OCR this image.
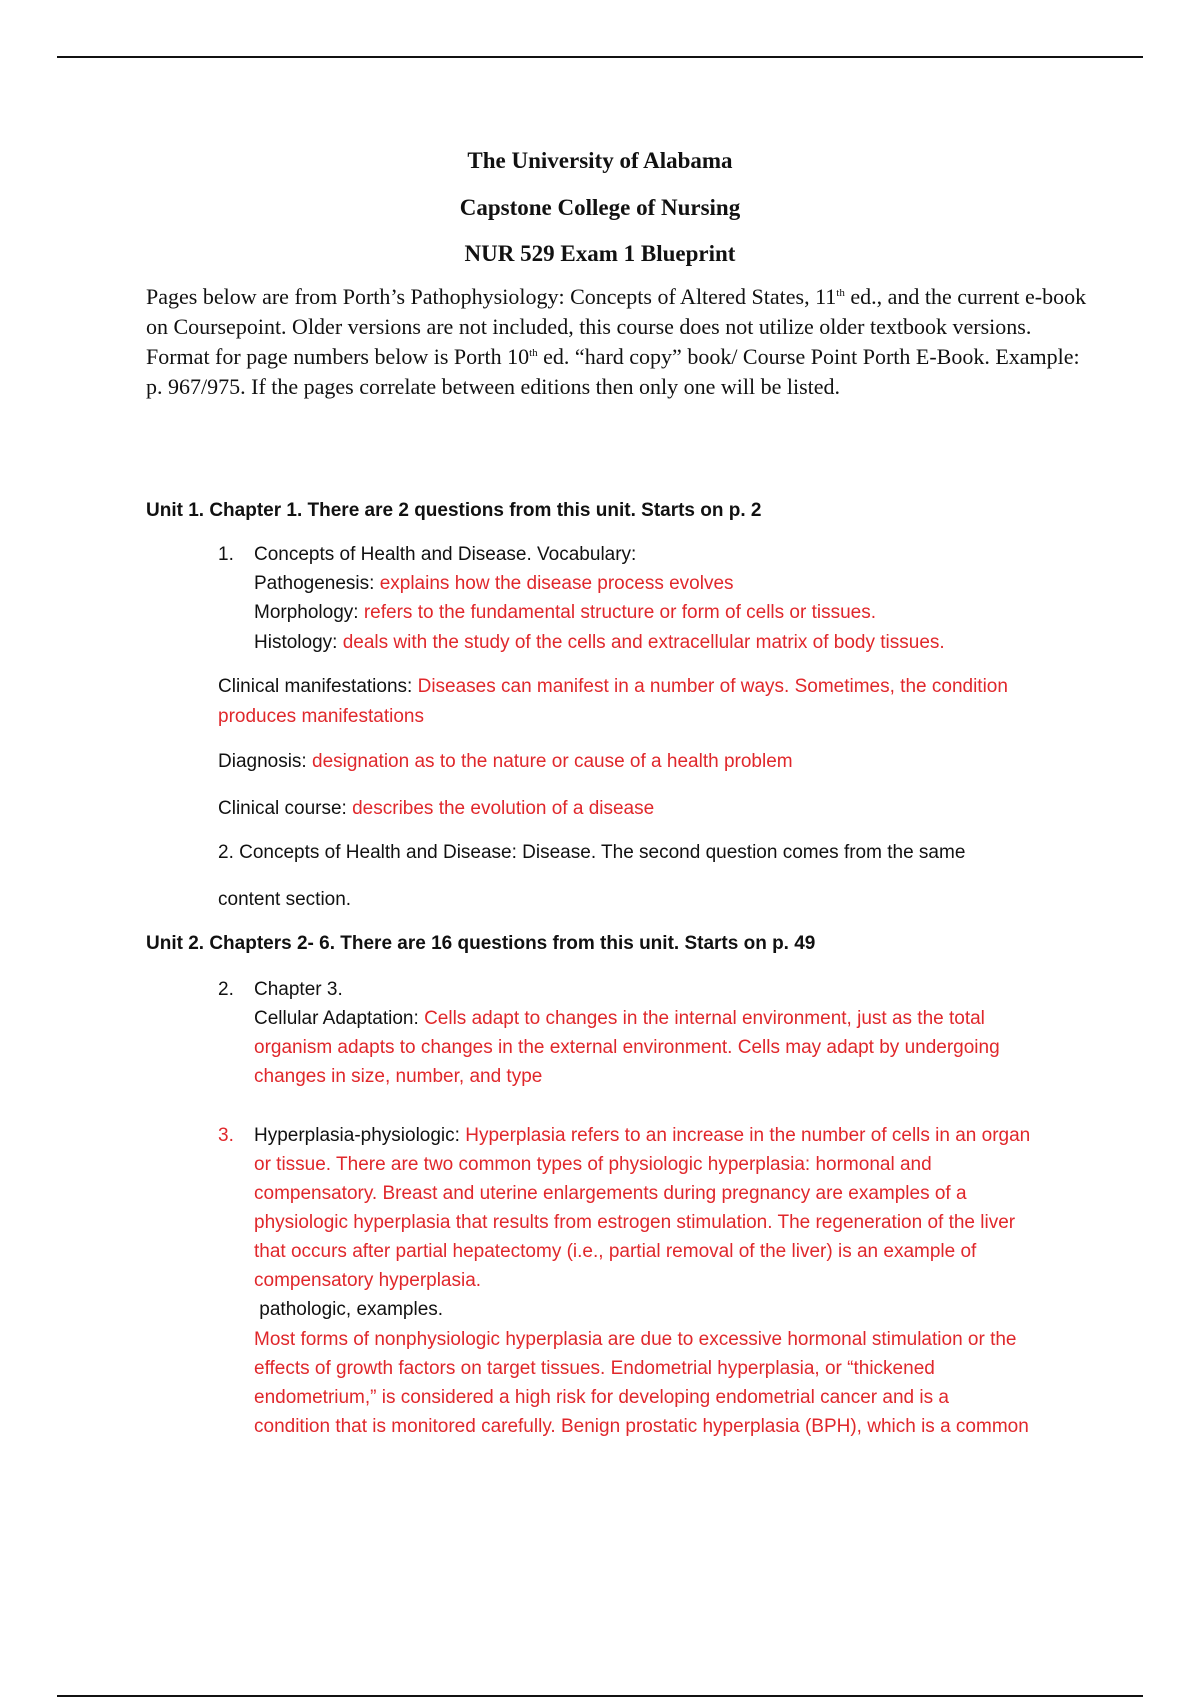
The University of Alabama
Capstone College of Nursing
NUR 529 Exam 1 Blueprint
Pages below are from Porth’s Pathophysiology: Concepts of Altered States, 11th ed., and the current e-book on Coursepoint. Older versions are not included, this course does not utilize older textbook versions. Format for page numbers below is Porth 10th ed. “hard copy” book/ Course Point Porth E-Book. Example: p. 967/975. If the pages correlate between editions then only one will be listed.
Unit 1. Chapter 1. There are 2 questions from this unit. Starts on p. 2
1. Concepts of Health and Disease. Vocabulary:
Pathogenesis: explains how the disease process evolves
Morphology: refers to the fundamental structure or form of cells or tissues.
Histology: deals with the study of the cells and extracellular matrix of body tissues.
Clinical manifestations: Diseases can manifest in a number of ways. Sometimes, the condition
produces manifestations
Diagnosis: designation as to the nature or cause of a health problem
Clinical course: describes the evolution of a disease
2. Concepts of Health and Disease: Disease. The second question comes from the same
content section.
Unit 2. Chapters 2- 6. There are 16 questions from this unit. Starts on p. 49
2. Chapter 3.
Cellular Adaptation: Cells adapt to changes in the internal environment, just as the total
organism adapts to changes in the external environment. Cells may adapt by undergoing
changes in size, number, and type
3. Hyperplasia-physiologic: Hyperplasia refers to an increase in the number of cells in an organ
or tissue. There are two common types of physiologic hyperplasia: hormonal and
compensatory. Breast and uterine enlargements during pregnancy are examples of a
physiologic hyperplasia that results from estrogen stimulation. The regeneration of the liver
that occurs after partial hepatectomy (i.e., partial removal of the liver) is an example of
compensatory hyperplasia.
pathologic, examples.
Most forms of nonphysiologic hyperplasia are due to excessive hormonal stimulation or the
effects of growth factors on target tissues. Endometrial hyperplasia, or “thickened
endometrium,” is considered a high risk for developing endometrial cancer and is a
condition that is monitored carefully. Benign prostatic hyperplasia (BPH), which is a common
